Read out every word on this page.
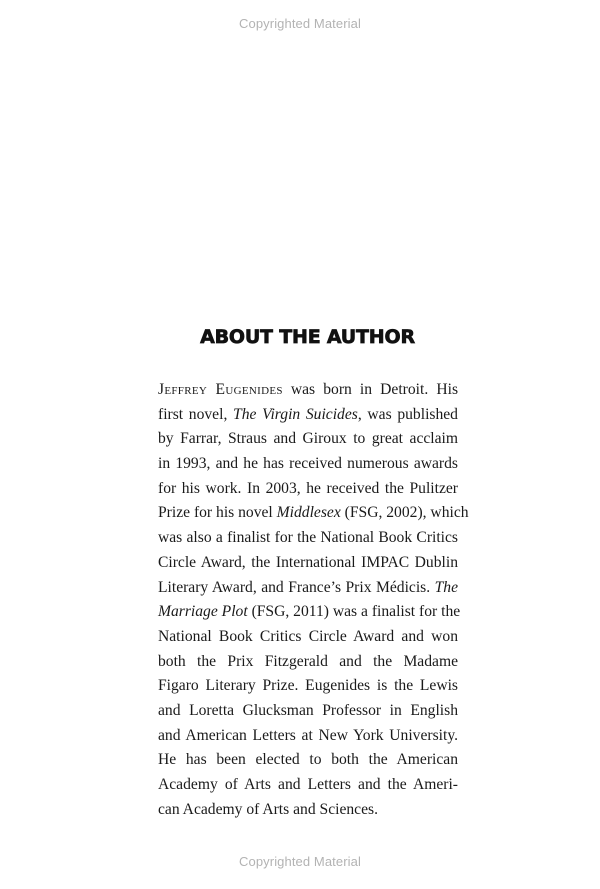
Copyrighted Material
ABOUT THE AUTHOR
Jeffrey Eugenides was born in Detroit. His
first novel, The Virgin Suicides, was published
by Farrar, Straus and Giroux to great acclaim
in 1993, and he has received numerous awards
for his work. In 2003, he received the Pulitzer
Prize for his novel Middlesex (FSG, 2002), which
was also a finalist for the National Book Critics
Circle Award, the International IMPAC Dublin
Literary Award, and France’s Prix Médicis. The
Marriage Plot (FSG, 2011) was a finalist for the
National Book Critics Circle Award and won
both the Prix Fitzgerald and the Madame
Figaro Literary Prize. Eugenides is the Lewis
and Loretta Glucksman Professor in English
and American Letters at New York University.
He has been elected to both the American
Academy of Arts and Letters and the Ameri-
can Academy of Arts and Sciences.
Copyrighted Material
